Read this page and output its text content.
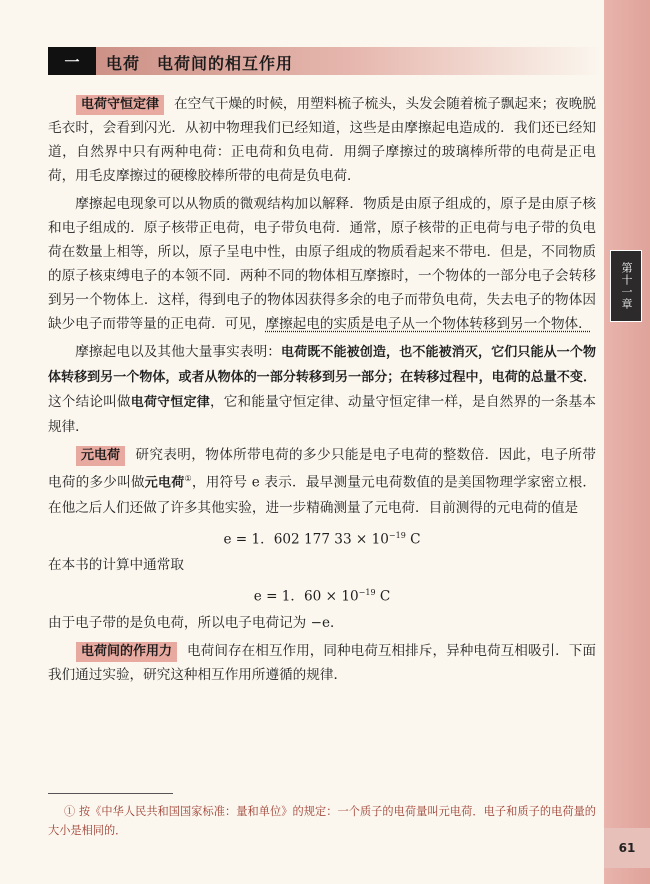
第十一章
61
一 电荷　电荷间的相互作用

电荷守恒定律 在空气干燥的时候，用塑料梳子梳头，头发会随着梳子飘起来；夜晚脱毛衣时，会看到闪光．从初中物理我们已经知道，这些是由摩擦起电造成的．我们还已经知道，自然界中只有两种电荷：正电荷和负电荷．用绸子摩擦过的玻璃棒所带的电荷是正电荷，用毛皮摩擦过的硬橡胶棒所带的电荷是负电荷．

摩擦起电现象可以从物质的微观结构加以解释．物质是由原子组成的，原子是由原子核和电子组成的．原子核带正电荷，电子带负电荷．通常，原子核带的正电荷与电子带的负电荷在数量上相等，所以，原子呈电中性，由原子组成的物质看起来不带电．但是，不同物质的原子核束缚电子的本领不同．两种不同的物体相互摩擦时，一个物体的一部分电子会转移到另一个物体上．这样，得到电子的物体因获得多余的电子而带负电荷，失去电子的物体因缺少电子而带等量的正电荷．可见，摩擦起电的实质是电子从一个物体转移到另一个物体．

摩擦起电以及其他大量事实表明：电荷既不能被创造，也不能被消灭，它们只能从一个物体转移到另一个物体，或者从物体的一部分转移到另一部分；在转移过程中，电荷的总量不变．这个结论叫做电荷守恒定律，它和能量守恒定律、动量守恒定律一样，是自然界的一条基本规律．

元电荷 研究表明，物体所带电荷的多少只能是电子电荷的整数倍．因此，电子所带电荷的多少叫做元电荷①，用符号 e 表示．最早测量元电荷数值的是美国物理学家密立根．在他之后人们还做了许多其他实验，进一步精确测量了元电荷．目前测得的元电荷的值是

e = 1．602 177 $33 \times 10^{-19}$ C

在本书的计算中通常取

e = 1．$60 \times 10^{-19}$ C

由于电子带的是负电荷，所以电子电荷记为 −e．

电荷间的作用力 电荷间存在相互作用，同种电荷互相排斥，异种电荷互相吸引．下面我们通过实验，研究这种相互作用所遵循的规律．

① 按《中华人民共和国国家标准：量和单位》的规定：一个质子的电荷量叫元电荷．电子和质子的电荷量的大小是相同的．
